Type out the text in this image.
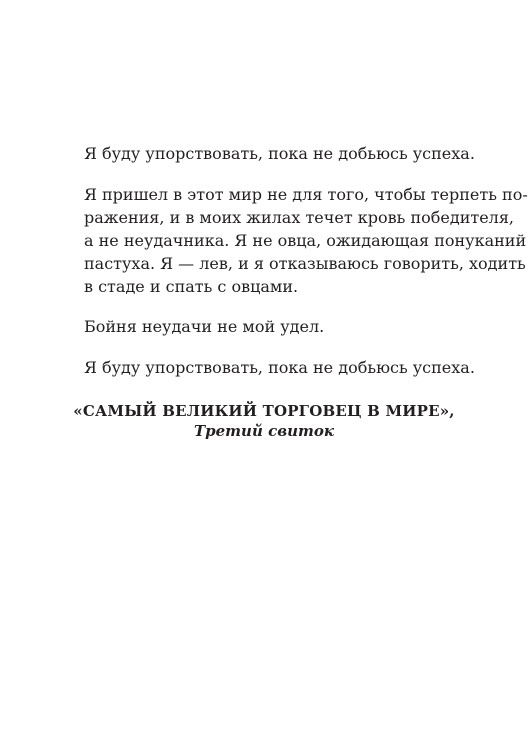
Я буду упорствовать, пока не добьюсь успеха.
Я пришел в этот мир не для того, чтобы терпеть по-
ражения, и в моих жилах течет кровь победителя,
а не неудачника. Я не овца, ожидающая понуканий
пастуха. Я — лев, и я отказываюсь говорить, ходить
в стаде и спать с овцами.
Бойня неудачи не мой удел.
Я буду упорствовать, пока не добьюсь успеха.
«САМЫЙ ВЕЛИКИЙ ТОРГОВЕЦ В МИРЕ»,
Третий свиток
